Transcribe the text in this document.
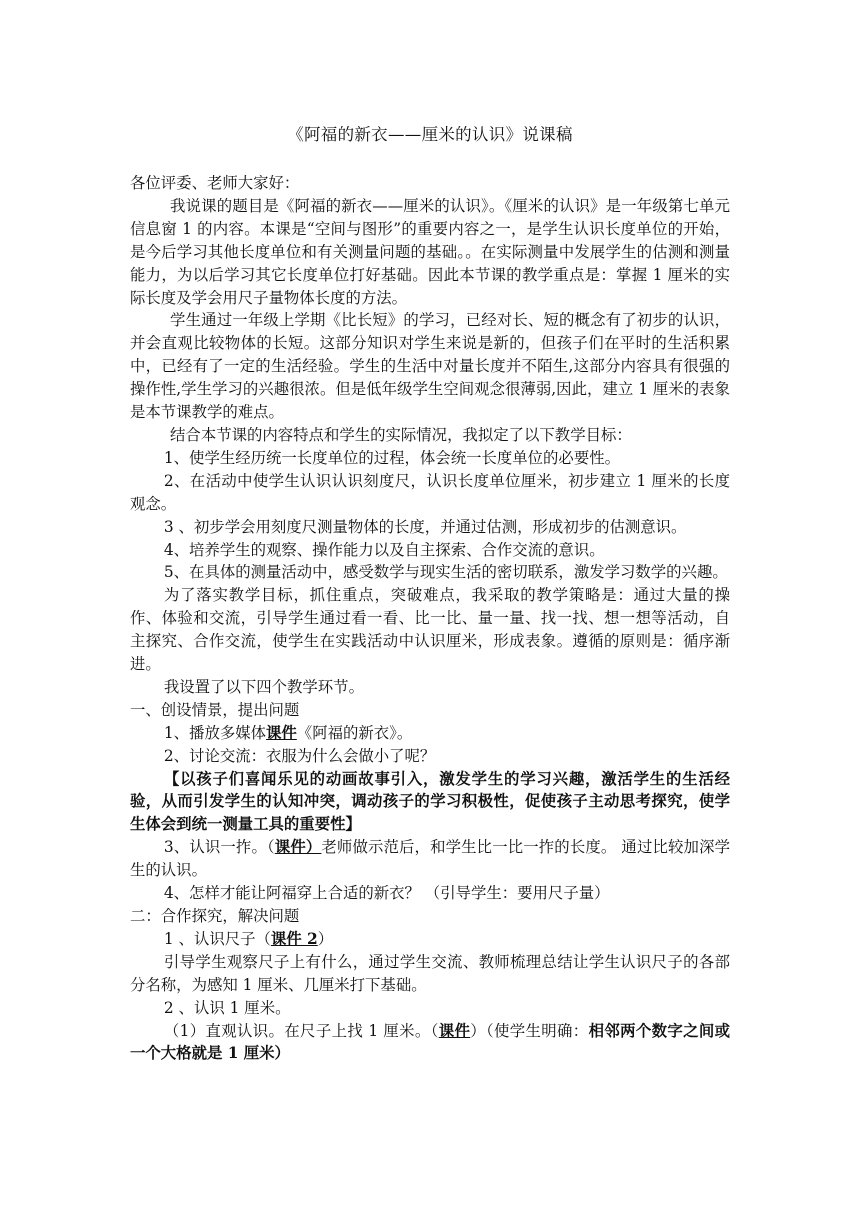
《阿福的新衣——厘米的认识》说课稿

各位评委、老师大家好：

我说课的题目是《阿福的新衣——厘米的认识》。《厘米的认识》是一年级第七单元信息窗 1 的内容。本课是“空间与图形”的重要内容之一，是学生认识长度单位的开始，是今后学习其他长度单位和有关测量问题的基础。。在实际测量中发展学生的估测和测量能力，为以后学习其它长度单位打好基础。因此本节课的教学重点是：掌握 1 厘米的实际长度及学会用尺子量物体长度的方法。

学生通过一年级上学期《比长短》的学习，已经对长、短的概念有了初步的认识，并会直观比较物体的长短。这部分知识对学生来说是新的，但孩子们在平时的生活积累中，已经有了一定的生活经验。学生的生活中对量长度并不陌生,这部分内容具有很强的操作性,学生学习的兴趣很浓。但是低年级学生空间观念很薄弱,因此，建立 1 厘米的表象是本节课教学的难点。

结合本节课的内容特点和学生的实际情况，我拟定了以下教学目标：

1、使学生经历统一长度单位的过程，体会统一长度单位的必要性。

2、在活动中使学生认识认识刻度尺，认识长度单位厘米，初步建立 1 厘米的长度观念。

3 、初步学会用刻度尺测量物体的长度，并通过估测，形成初步的估测意识。

4、培养学生的观察、操作能力以及自主探索、合作交流的意识。

5、在具体的测量活动中，感受数学与现实生活的密切联系，激发学习数学的兴趣。

为了落实教学目标，抓住重点，突破难点，我采取的教学策略是：通过大量的操作、体验和交流，引导学生通过看一看、比一比、量一量、找一找、想一想等活动，自主探究、合作交流，使学生在实践活动中认识厘米，形成表象。遵循的原则是：循序渐进。

我设置了以下四个教学环节。

一、创设情景，提出问题

1、播放多媒体课件《阿福的新衣》。

2、讨论交流：衣服为什么会做小了呢？

【以孩子们喜闻乐见的动画故事引入，激发学生的学习兴趣，激活学生的生活经验，从而引发学生的认知冲突，调动孩子的学习积极性，促使孩子主动思考探究，使学生体会到统一测量工具的重要性】

3、认识一拃。（课件）老师做示范后，和学生比一比一拃的长度。 通过比较加深学生的认识。

4、怎样才能让阿福穿上合适的新衣？ （引导学生：要用尺子量）

二：合作探究，解决问题

1 、认识尺子（课件 2）

引导学生观察尺子上有什么，通过学生交流、教师梳理总结让学生认识尺子的各部分名称，为感知 1 厘米、几厘米打下基础。

2 、认识 1 厘米。

（1）直观认识。在尺子上找 1 厘米。（课件）（使学生明确：相邻两个数字之间或一个大格就是 1 厘米）
